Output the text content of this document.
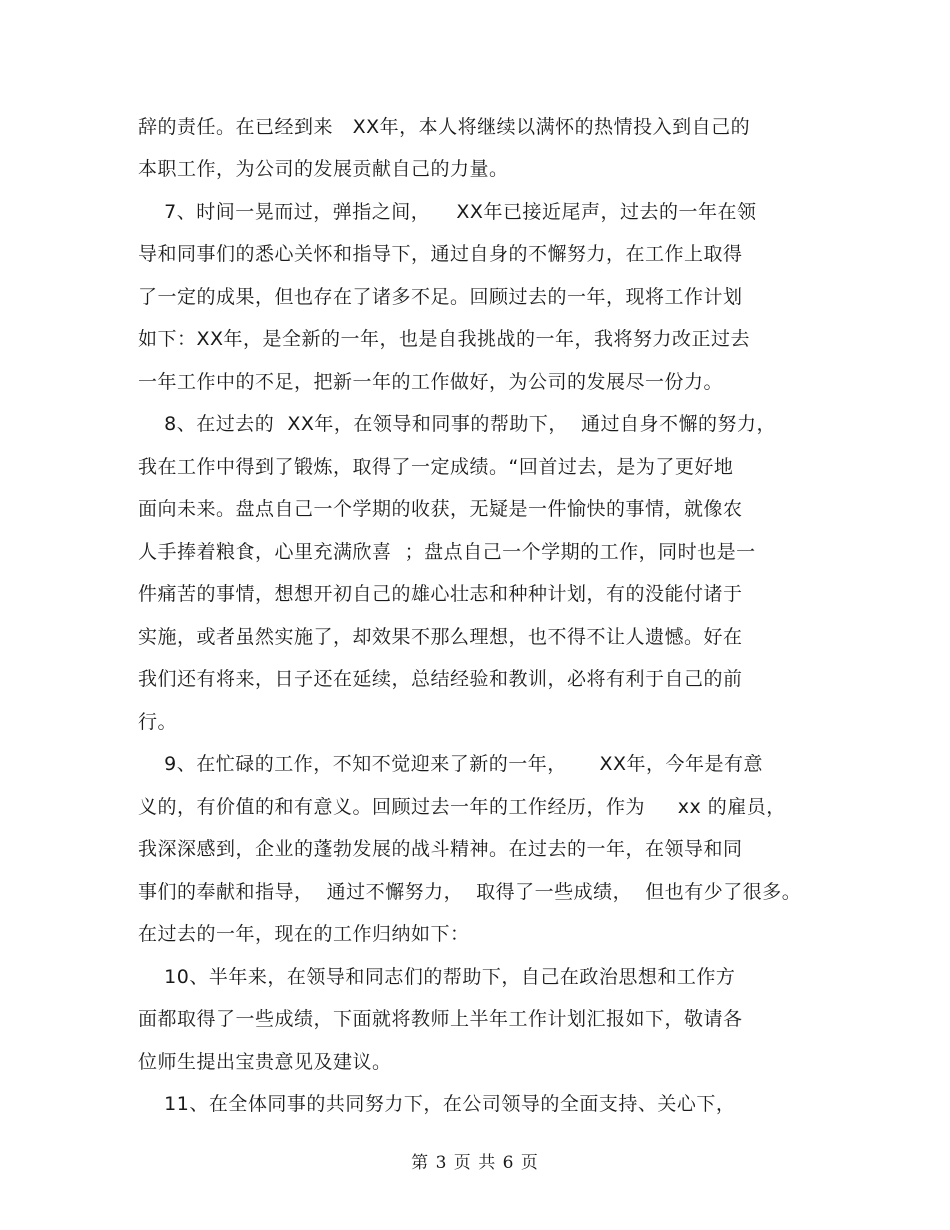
辞的责任。在已经到来   XX年，本人将继续以满怀的热情投入到自己的
本职工作，为公司的发展贡献自己的力量。
7、时间一晃而过，弹指之间，    XX年已接近尾声，过去的一年在领
导和同事们的悉心关怀和指导下，通过自身的不懈努力，在工作上取得
了一定的成果，但也存在了诸多不足。回顾过去的一年，现将工作计划
如下：XX年，是全新的一年，也是自我挑战的一年，我将努力改正过去
一年工作中的不足，把新一年的工作做好，为公司的发展尽一份力。
8、在过去的  XX年，在领导和同事的帮助下，  通过自身不懈的努力，
我在工作中得到了锻炼，取得了一定成绩。“回首过去，是为了更好地
面向未来。盘点自己一个学期的收获，无疑是一件愉快的事情，就像农
人手捧着粮食，心里充满欣喜  ；盘点自己一个学期的工作，同时也是一
件痛苦的事情，想想开初自己的雄心壮志和种种计划，有的没能付诸于
实施，或者虽然实施了，却效果不那么理想，也不得不让人遗憾。好在
我们还有将来，日子还在延续，总结经验和教训，必将有利于自己的前
行。
9、在忙碌的工作，不知不觉迎来了新的一年，     XX年，今年是有意
义的，有价值的和有意义。回顾过去一年的工作经历，作为     xx 的雇员，
我深深感到，企业的蓬勃发展的战斗精神。在过去的一年，在领导和同
事们的奉献和指导，  通过不懈努力，  取得了一些成绩，  但也有少了很多。
在过去的一年，现在的工作归纳如下：
10、半年来，在领导和同志们的帮助下，自己在政治思想和工作方
面都取得了一些成绩，下面就将教师上半年工作计划汇报如下，敬请各
位师生提出宝贵意见及建议。
11、在全体同事的共同努力下，在公司领导的全面支持、关心下，
第 3 页 共 6 页
